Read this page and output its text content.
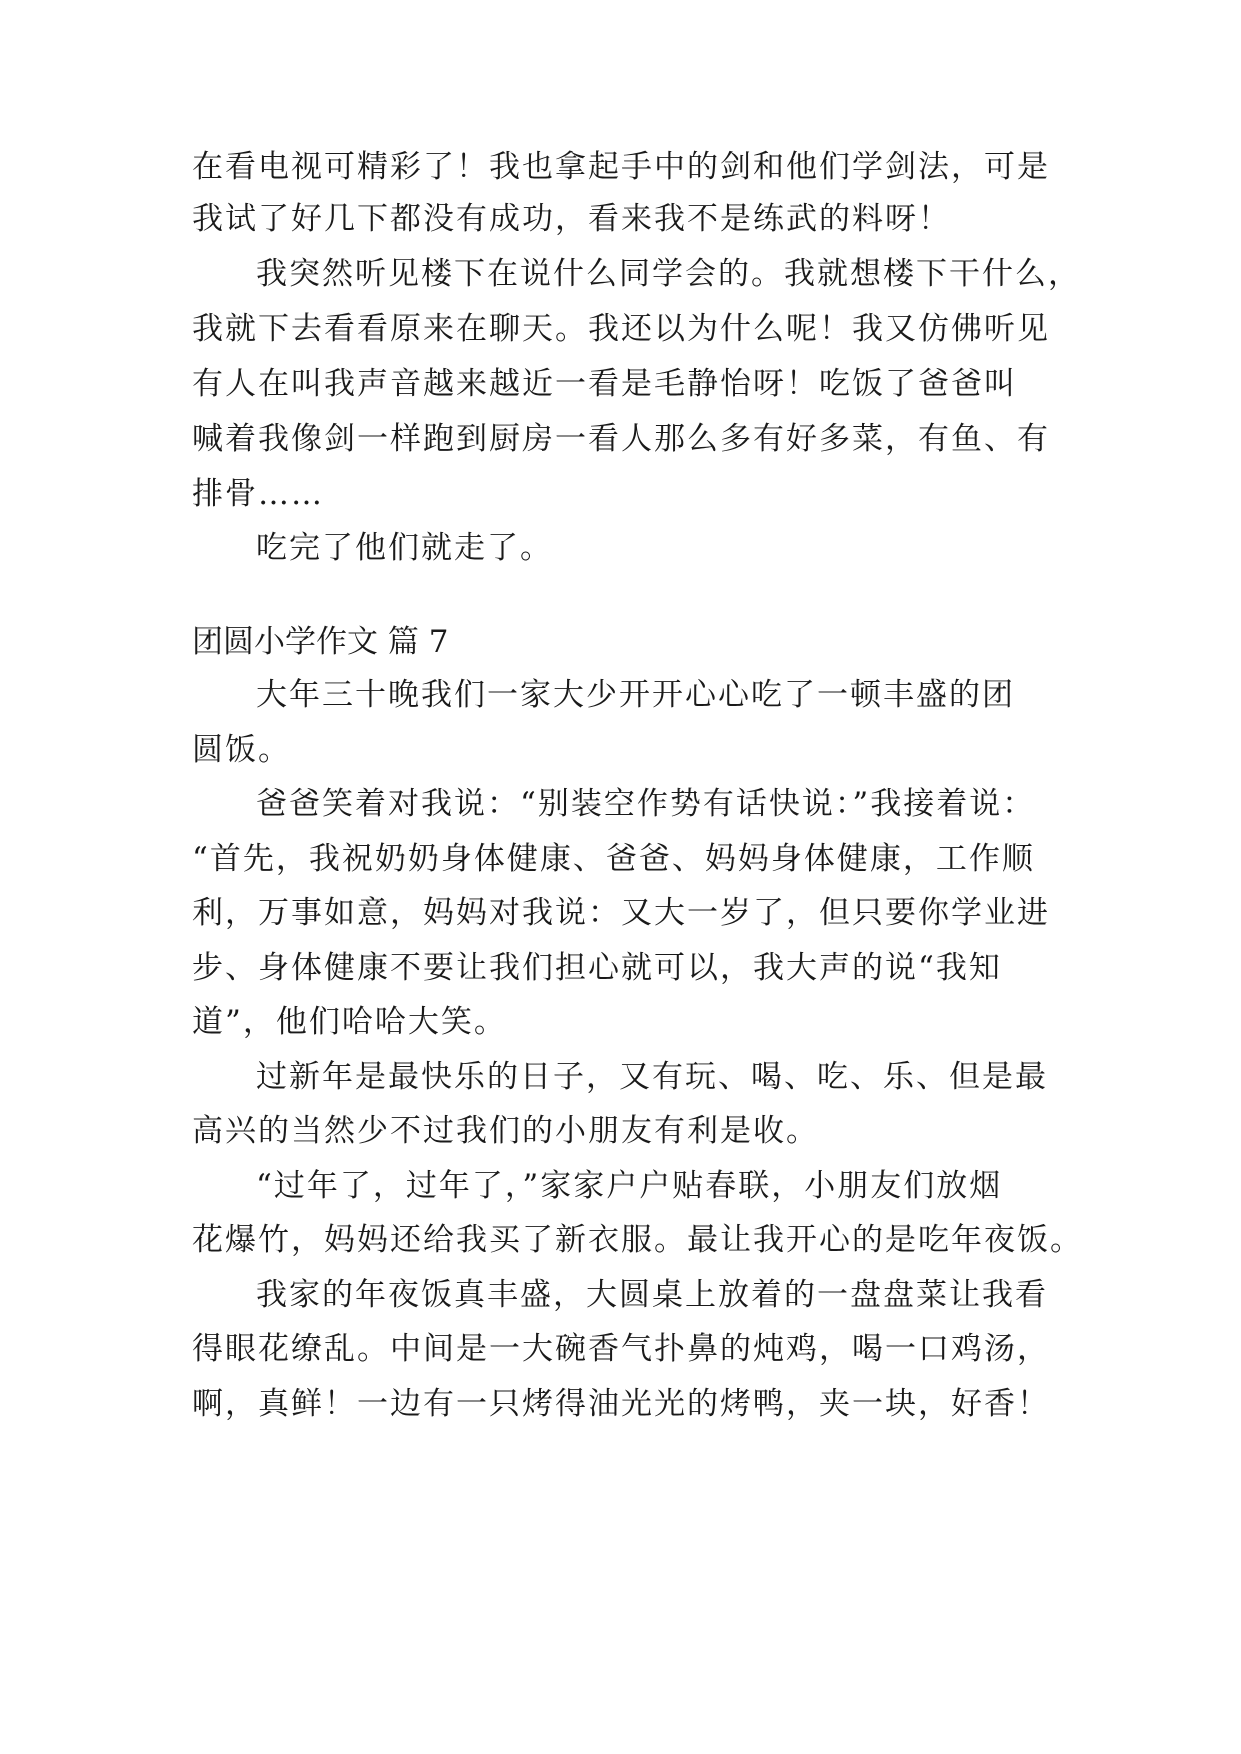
在看电视可精彩了！我也拿起手中的剑和他们学剑法，可是
我试了好几下都没有成功，看来我不是练武的料呀！
我突然听见楼下在说什么同学会的。我就想楼下干什么，
我就下去看看原来在聊天。我还以为什么呢！我又仿佛听见
有人在叫我声音越来越近一看是毛静怡呀！吃饭了爸爸叫
喊着我像剑一样跑到厨房一看人那么多有好多菜，有鱼、有
排骨……
吃完了他们就走了。
团圆小学作文 篇 7
大年三十晚我们一家大少开开心心吃了一顿丰盛的团
圆饭。
爸爸笑着对我说：“别装空作势有话快说：”我接着说：
“首先，我祝奶奶身体健康、爸爸、妈妈身体健康，工作顺
利，万事如意，妈妈对我说：又大一岁了，但只要你学业进
步、身体健康不要让我们担心就可以，我大声的说“我知
道”，他们哈哈大笑。
过新年是最快乐的日子，又有玩、喝、吃、乐、但是最
高兴的当然少不过我们的小朋友有利是收。
“过年了，过年了，”家家户户贴春联，小朋友们放烟
花爆竹，妈妈还给我买了新衣服。最让我开心的是吃年夜饭。
我家的年夜饭真丰盛，大圆桌上放着的一盘盘菜让我看
得眼花缭乱。中间是一大碗香气扑鼻的炖鸡，喝一口鸡汤，
啊，真鲜！一边有一只烤得油光光的烤鸭，夹一块，好香！
